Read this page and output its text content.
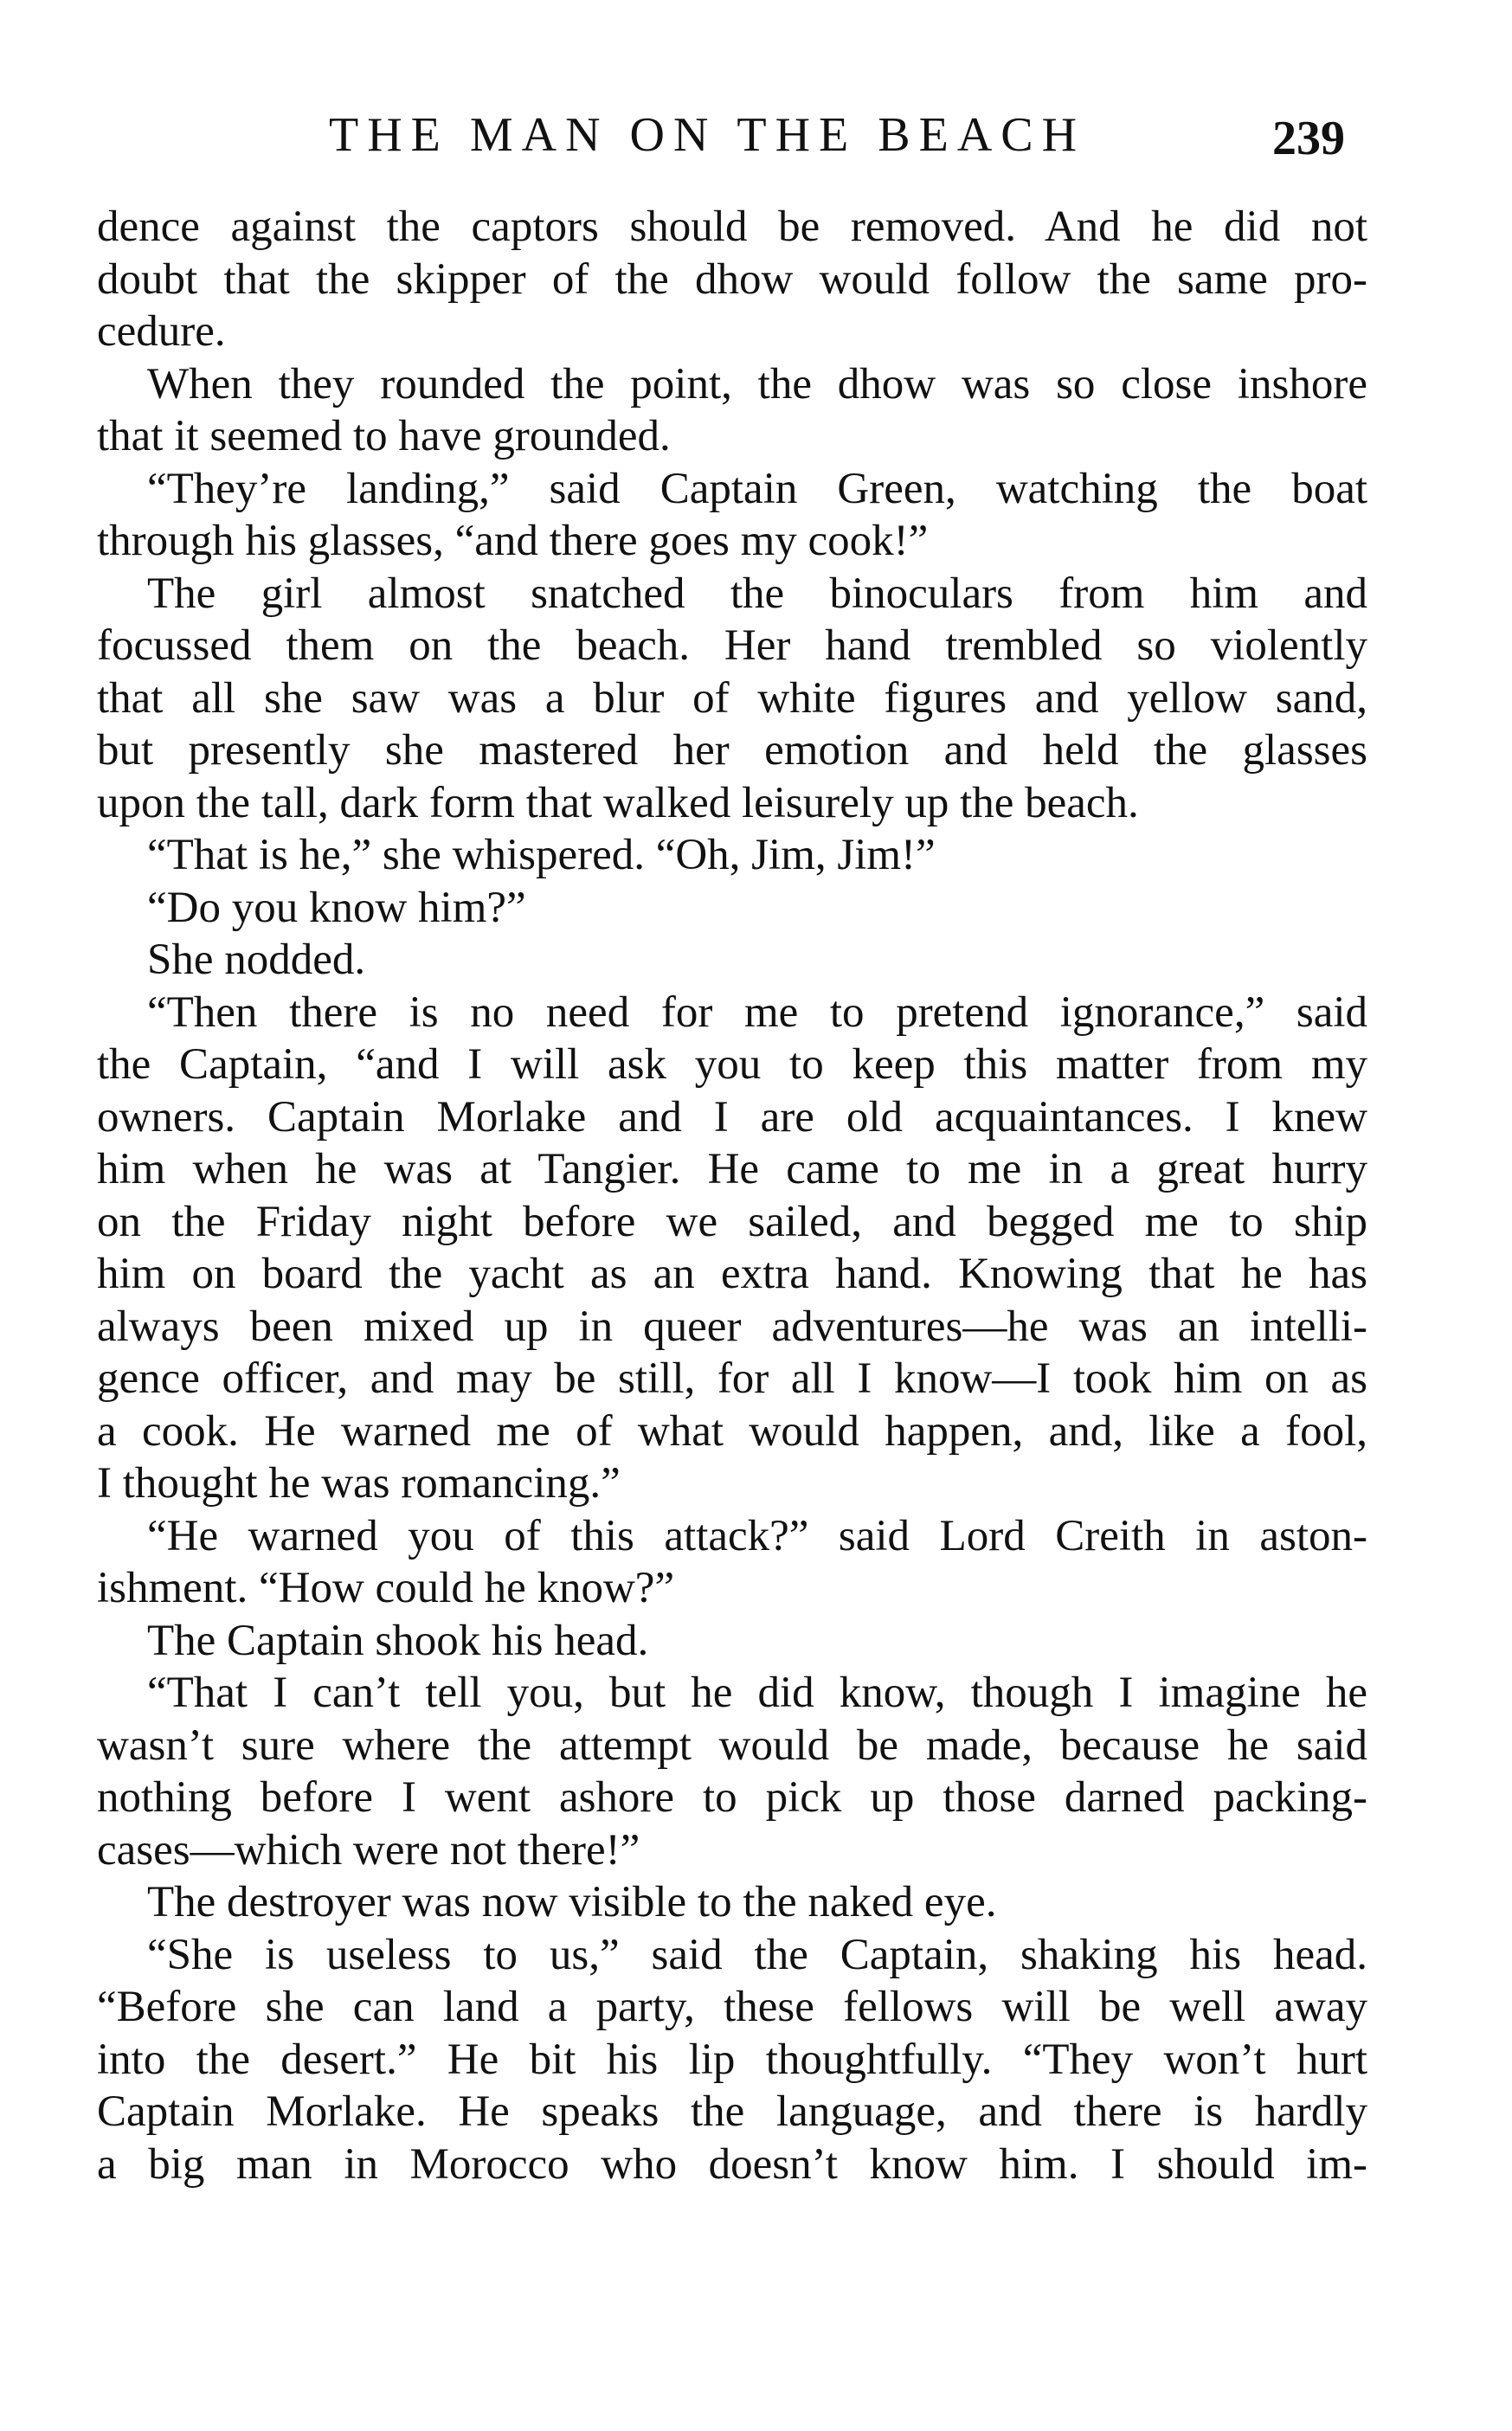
THE MAN ON THE BEACH	239
dence against the captors should be removed. And he did not
doubt that the skipper of the dhow would follow the same pro-
cedure.
When they rounded the point, the dhow was so close inshore
that it seemed to have grounded.
“They’re landing,” said Captain Green, watching the boat
through his glasses, “and there goes my cook!”
The girl almost snatched the binoculars from him and
focussed them on the beach. Her hand trembled so violently
that all she saw was a blur of white figures and yellow sand,
but presently she mastered her emotion and held the glasses
upon the tall, dark form that walked leisurely up the beach.
“That is he,” she whispered. “Oh, Jim, Jim!”
“Do you know him?”
She nodded.
“Then there is no need for me to pretend ignorance,” said
the Captain, “and I will ask you to keep this matter from my
owners. Captain Morlake and I are old acquaintances. I knew
him when he was at Tangier. He came to me in a great hurry
on the Friday night before we sailed, and begged me to ship
him on board the yacht as an extra hand. Knowing that he has
always been mixed up in queer adventures—he was an intelli-
gence officer, and may be still, for all I know—I took him on as
a cook. He warned me of what would happen, and, like a fool,
I thought he was romancing.”
“He warned you of this attack?” said Lord Creith in aston-
ishment. “How could he know?”
The Captain shook his head.
“That I can’t tell you, but he did know, though I imagine he
wasn’t sure where the attempt would be made, because he said
nothing before I went ashore to pick up those darned packing-
cases—which were not there!”
The destroyer was now visible to the naked eye.
“She is useless to us,” said the Captain, shaking his head.
“Before she can land a party, these fellows will be well away
into the desert.” He bit his lip thoughtfully. “They won’t hurt
Captain Morlake. He speaks the language, and there is hardly
a big man in Morocco who doesn’t know him. I should im-
